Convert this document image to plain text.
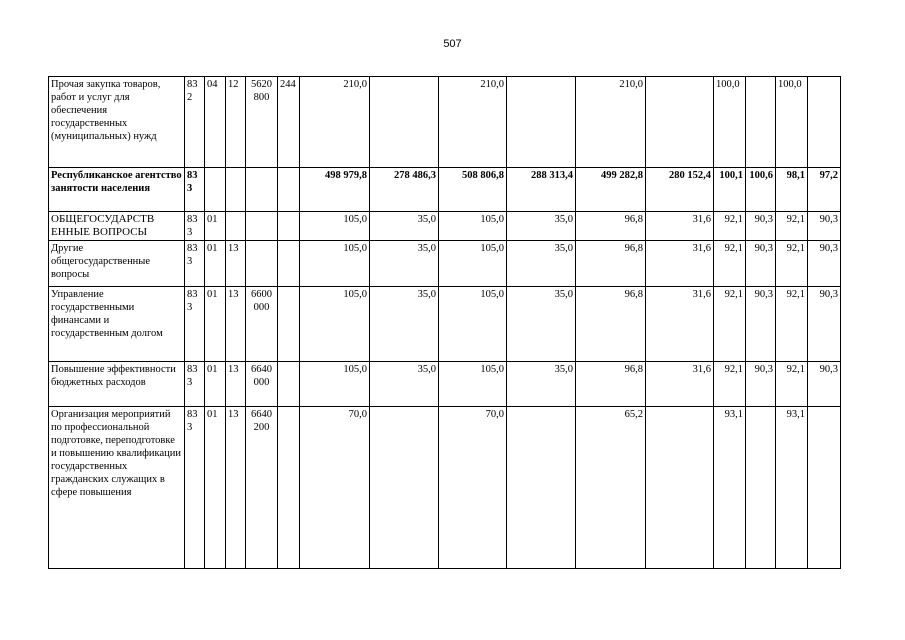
507
Прочая закупка товаров, работ и услуг для обеспечения государственных (муниципальных) нужд	832	04	12	5620 800	244	210,0		210,0		210,0		100,0		100,0	
Республиканское агентство занятости населения	833					498 979,8	278 486,3	508 806,8	288 313,4	499 282,8	280 152,4	100,1	100,6	98,1	97,2
ОБЩЕГОСУДАРСТВ ЕННЫЕ ВОПРОСЫ	833	01				105,0	35,0	105,0	35,0	96,8	31,6	92,1	90,3	92,1	90,3
Другие общегосударственные вопросы	833	01	13			105,0	35,0	105,0	35,0	96,8	31,6	92,1	90,3	92,1	90,3
Управление государственными финансами и государственным долгом	833	01	13	6600 000		105,0	35,0	105,0	35,0	96,8	31,6	92,1	90,3	92,1	90,3
Повышение эффективности бюджетных расходов	833	01	13	6640 000		105,0	35,0	105,0	35,0	96,8	31,6	92,1	90,3	92,1	90,3
Организация мероприятий по профессиональной подготовке, переподготовке и повышению квалификации государственных гражданских служащих в сфере повышения	833	01	13	6640 200		70,0		70,0		65,2		93,1		93,1	
